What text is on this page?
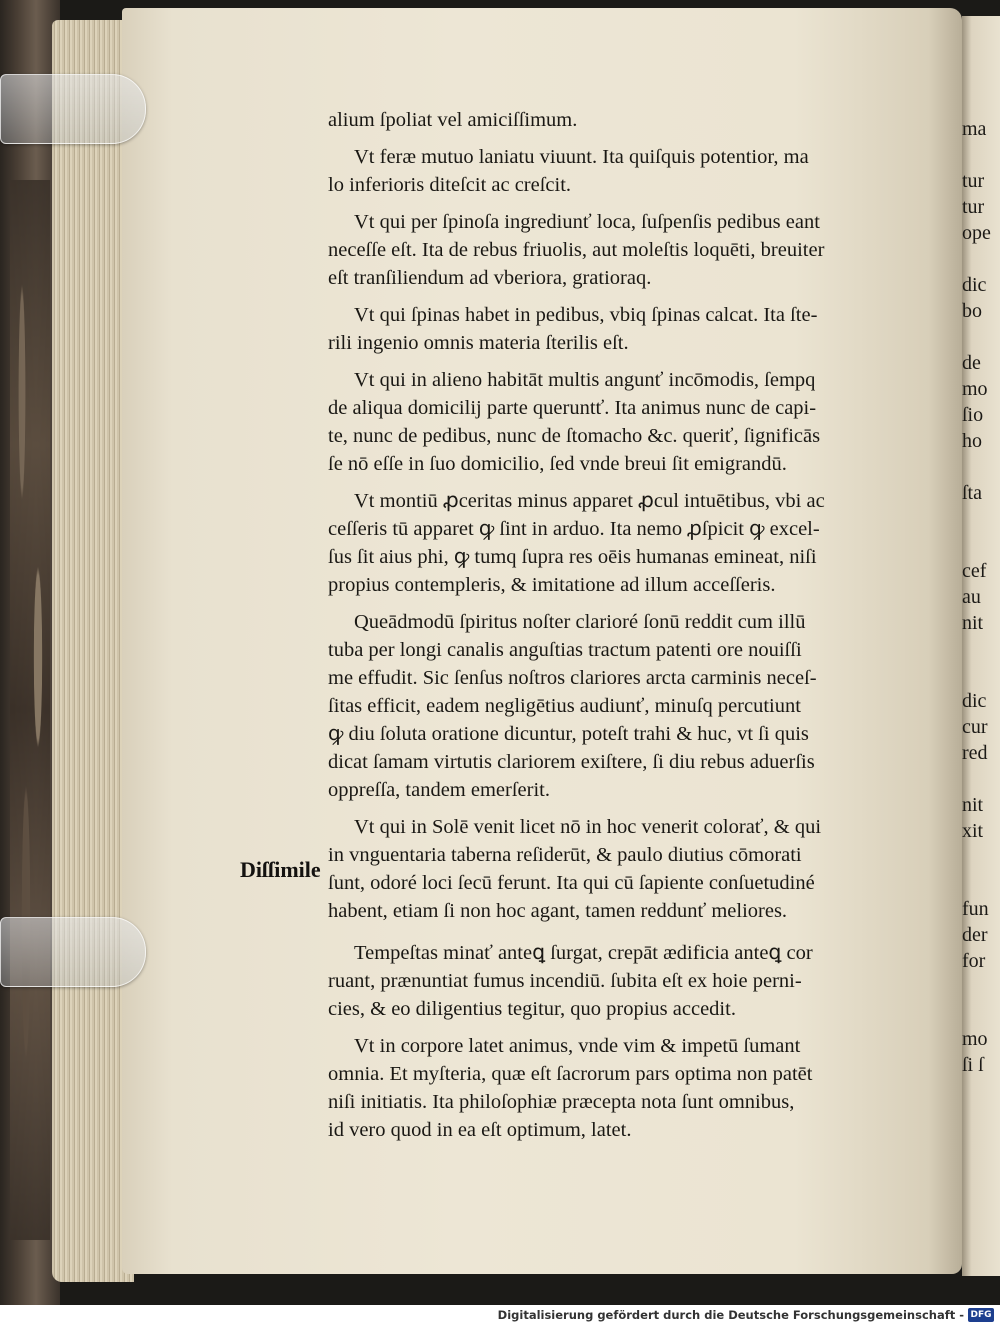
ma

tur
tur
ope

dic
bo

de
mo
ſio
ho

ſta

cef
au
nit

dic
cur
red

nit
xit

fun
der
for

mo
ſi ſ
Diſſimile
alium ſpoliat vel amiciſſimum.
Vt feræ mutuo laniatu viuunt. Ita quiſquis potentior, ma
lo inferioris diteſcit ac creſcit.
Vt qui per ſpinoſa ingrediunť loca, ſuſpenſis pedibus eant
neceſſe eſt. Ita de rebus friuolis, aut moleſtis loquēti, breuiter
eſt tranſiliendum ad vberiora, gratioraq.
Vt qui ſpinas habet in pedibus, vbiq ſpinas calcat. Ita ſte-
rili ingenio omnis materia ſterilis eſt.
Vt qui in alieno habitāt multis angunť incōmodis, ſempq
de aliqua domicilij parte queruntť. Ita animus nunc de capi-
te, nunc de pedibus, nunc de ſtomacho &c. queriť, ſignificās
ſe nō eſſe in ſuo domicilio, ſed vnde breui ſit emigrandū.
Vt montiū ꝓceritas minus apparet ꝓcul intuētibus, vbi ac
ceſſeris tū apparet ꝙ ſint in arduo. Ita nemo ꝓſpicit ꝙ excel-
ſus ſit aius phi, ꝙ tumq ſupra res oēis humanas emineat, niſi
propius contempleris, & imitatione ad illum acceſſeris.
Queādmodū ſpiritus noſter clarioré ſonū reddit cum illū
tuba per longi canalis anguſtias tractum patenti ore nouiſſi
me effudit. Sic ſenſus noſtros clariores arcta carminis neceſ-
ſitas efficit, eadem negligētius audiunť, minuſq percutiunt
ꝙ diu ſoluta oratione dicuntur, poteſt trahi & huc, vt ſi quis
dicat ſamam virtutis clariorem exiſtere, ſi diu rebus aduerſis
oppreſſa, tandem emerſerit.
Vt qui in Solē venit licet nō in hoc venerit colorať, & qui
in vnguentaria taberna reſiderūt, & paulo diutius cōmorati
ſunt, odoré loci ſecū ferunt. Ita qui cū ſapiente conſuetudiné
habent, etiam ſi non hoc agant, tamen reddunť meliores.
Tempeſtas minať anteꝗ ſurgat, crepāt ædificia anteꝗ cor
ruant, prænuntiat fumus incendiū. ſubita eſt ex hoie perni-
cies, & eo diligentius tegitur, quo propius accedit.
Vt in corpore latet animus, vnde vim & impetū ſumant
omnia. Et myſteria, quæ eſt ſacrorum pars optima non patēt
niſi initiatis. Ita philoſophiæ præcepta nota ſunt omnibus,
id vero quod in ea eſt optimum, latet.
Digitalisierung gefördert durch die Deutsche Forschungsgemeinschaft - DFG
